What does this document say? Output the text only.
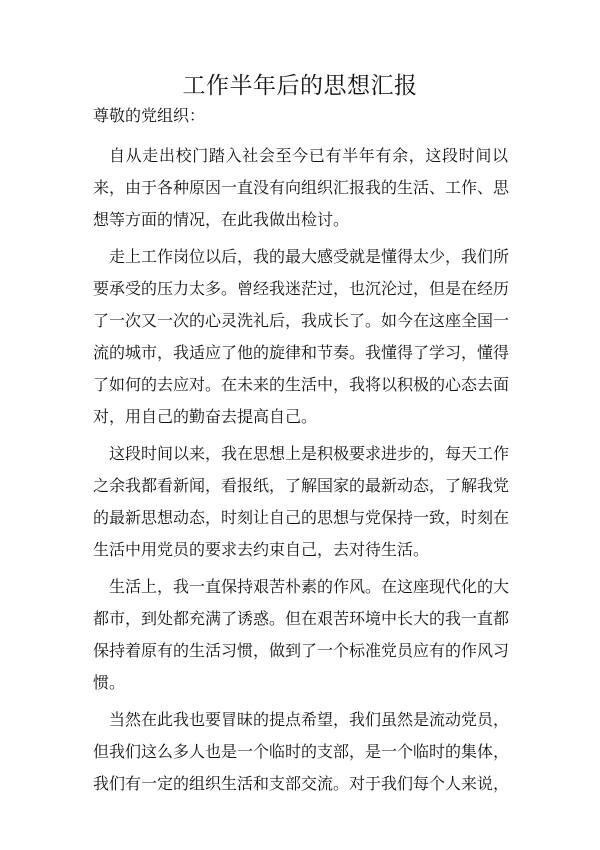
工作半年后的思想汇报

尊敬的党组织：

自从走出校门踏入社会至今已有半年有余，这段时间以
来，由于各种原因一直没有向组织汇报我的生活、工作、思
想等方面的情况，在此我做出检讨。
走上工作岗位以后，我的最大感受就是懂得太少，我们所
要承受的压力太多。曾经我迷茫过，也沉沦过，但是在经历
了一次又一次的心灵洗礼后，我成长了。如今在这座全国一
流的城市，我适应了他的旋律和节奏。我懂得了学习，懂得
了如何的去应对。在未来的生活中，我将以积极的心态去面
对，用自己的勤奋去提高自己。
这段时间以来，我在思想上是积极要求进步的，每天工作
之余我都看新闻，看报纸，了解国家的最新动态，了解我党
的最新思想动态，时刻让自己的思想与党保持一致，时刻在
生活中用党员的要求去约束自己，去对待生活。
生活上，我一直保持艰苦朴素的作风。在这座现代化的大
都市，到处都充满了诱惑。但在艰苦环境中长大的我一直都
保持着原有的生活习惯，做到了一个标准党员应有的作风习
惯。
当然在此我也要冒昧的提点希望，我们虽然是流动党员，
但我们这么多人也是一个临时的支部，是一个临时的集体，
我们有一定的组织生活和支部交流。对于我们每个人来说，
